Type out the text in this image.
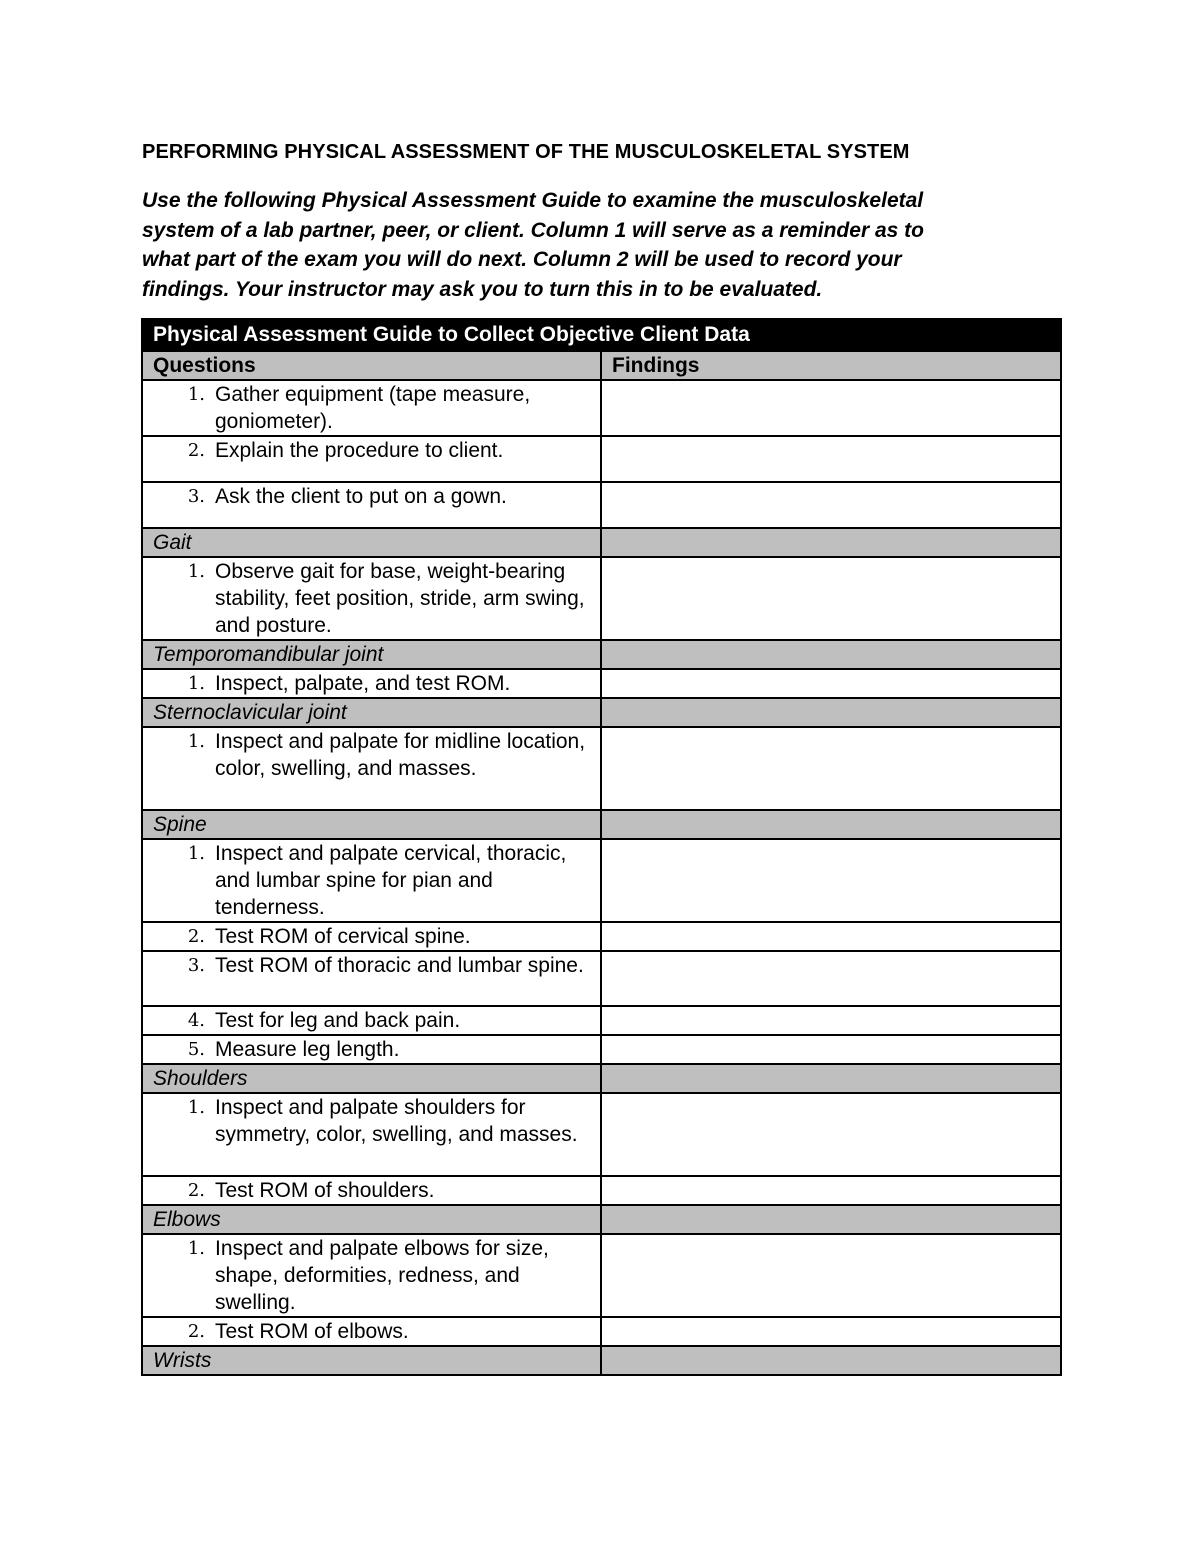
PERFORMING PHYSICAL ASSESSMENT OF THE MUSCULOSKELETAL SYSTEM
Use the following Physical Assessment Guide to examine the musculoskeletal
system of a lab partner, peer, or client. Column 1 will serve as a reminder as to
what part of the exam you will do next. Column 2 will be used to record your
findings. Your instructor may ask you to turn this in to be evaluated.
Physical Assessment Guide to Collect Objective Client Data	
Questions	Findings

1. Gather equipment (tape measure, goniometer).	

2. Explain the procedure to client.	

3. Ask the client to put on a gown.	

Gait	

1. Observe gait for base, weight-bearing stability, feet position, stride, arm swing, and posture.	

Temporomandibular joint	

1. Inspect, palpate, and test ROM.	

Sternoclavicular joint	

1. Inspect and palpate for midline location, color, swelling, and masses.	

Spine	

1. Inspect and palpate cervical, thoracic, and lumbar spine for pian and tenderness.	

2. Test ROM of cervical spine.	

3. Test ROM of thoracic and lumbar spine.	

4. Test for leg and back pain.	

5. Measure leg length.	

Shoulders	

1. Inspect and palpate shoulders for symmetry, color, swelling, and masses.	

2. Test ROM of shoulders.	

Elbows	

1. Inspect and palpate elbows for size, shape, deformities, redness, and swelling.	

2. Test ROM of elbows.	

Wrists	
